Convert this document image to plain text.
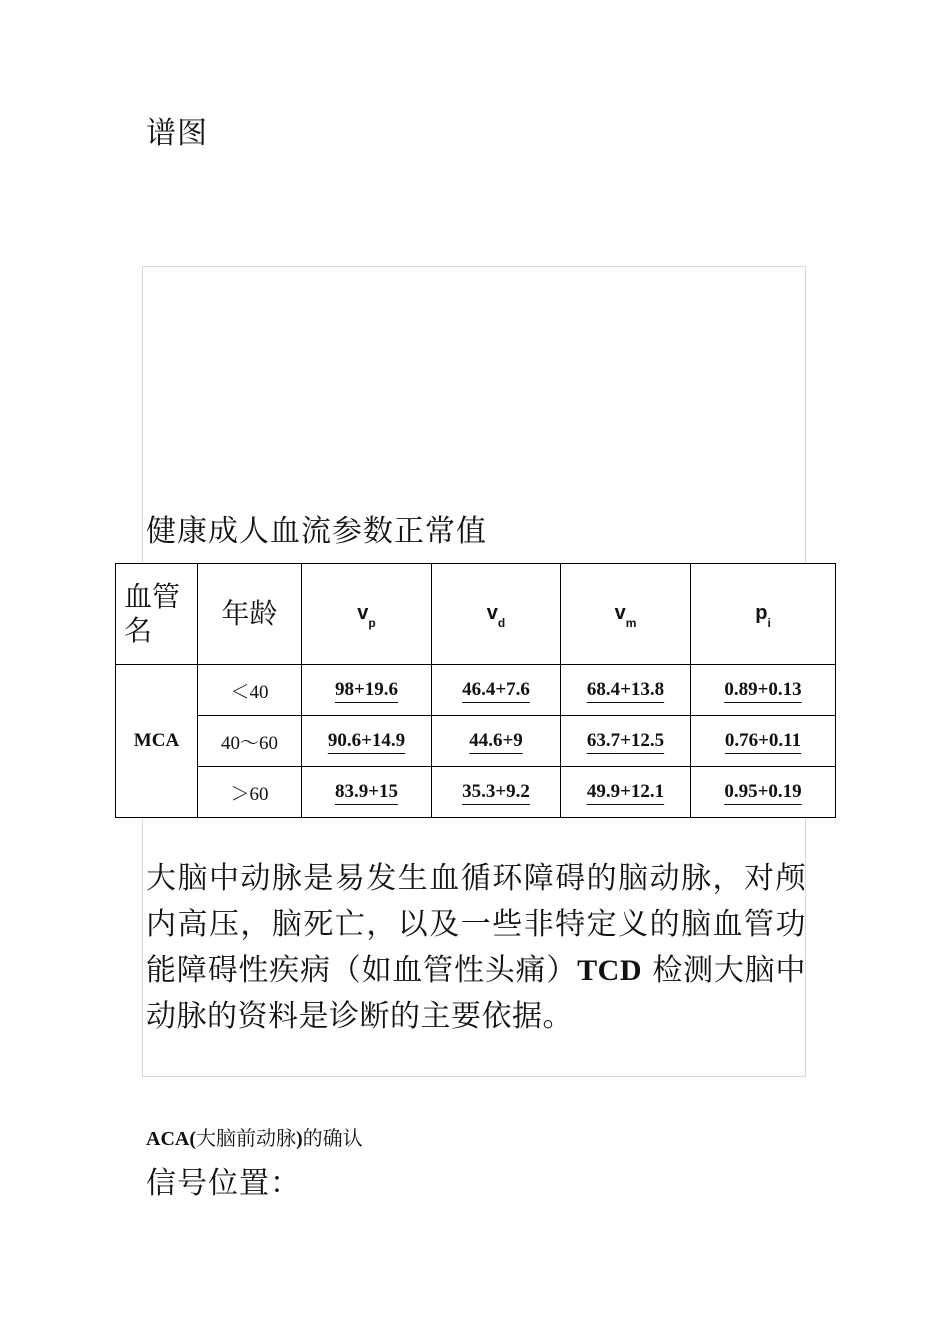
谱图
健康成人血流参数正常值
血管名	年龄	$v_p$	$v_d$	$v_m$	$p_i$
MCA	＜40	98+19.6	46.4+7.6	68.4+13.8	0.89+0.13
	40～60	90.6+14.9	44.6+9	63.7+12.5	0.76+0.11
	＞60	83.9+15	35.3+9.2	49.9+12.1	0.95+0.19
大脑中动脉是易发生血循环障碍的脑动脉，对颅内高压，脑死亡，以及一些非特定义的脑血管功能障碍性疾病（如血管性头痛）TCD 检测大脑中动脉的资料是诊断的主要依据。
ACA(大脑前动脉)的确认
信号位置：
